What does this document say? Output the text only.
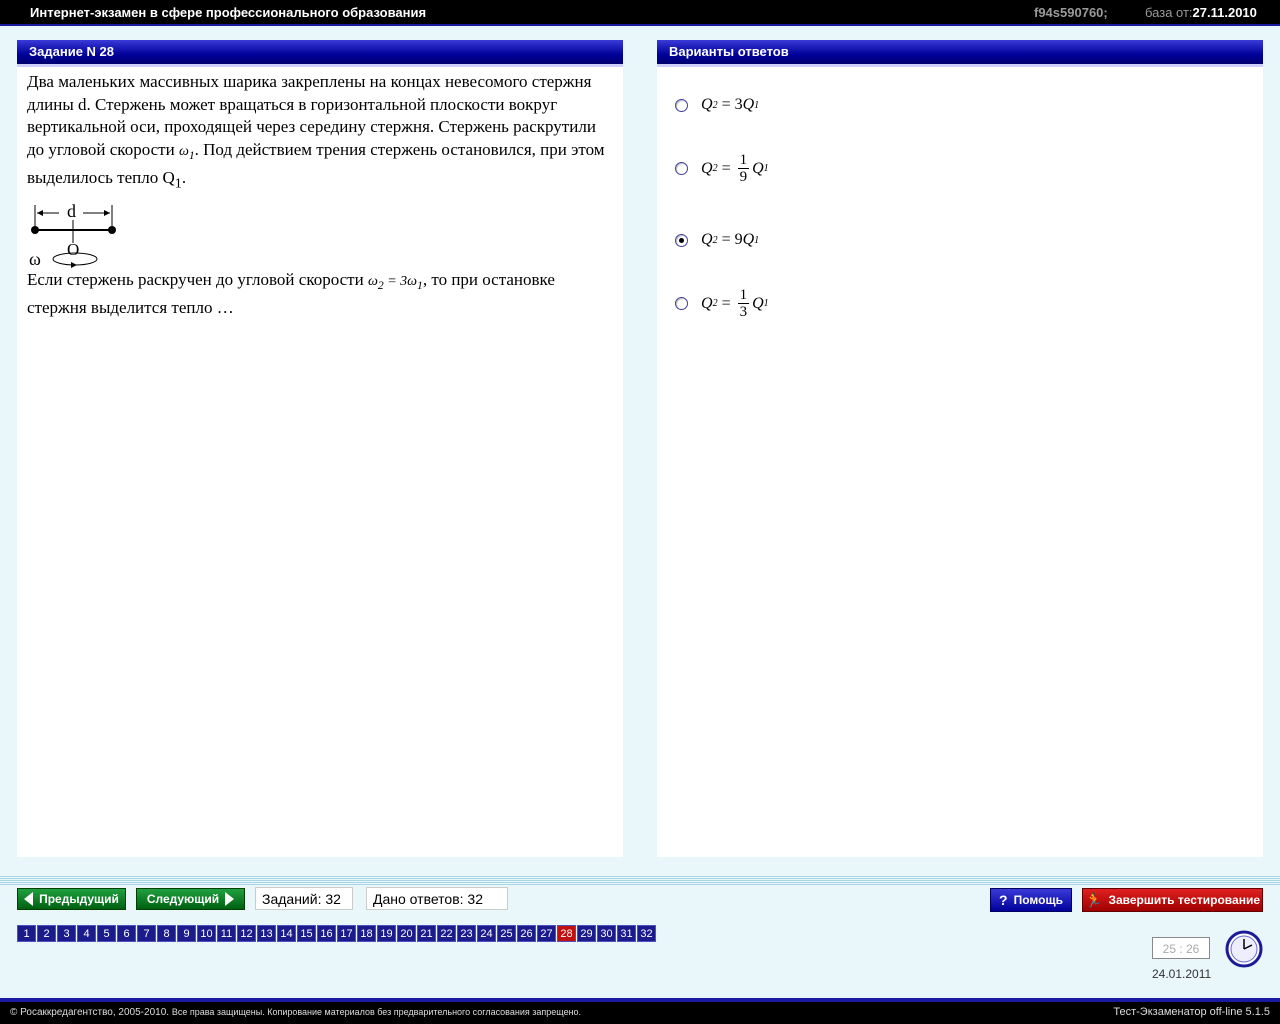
Интернет-экзамен в сфере профессионального образования	f94s590760;	база от:27.11.2010
Задание N 28
Два маленьких массивных шарика закреплены на концах невесомого стержня длины d. Стержень может вращаться в горизонтальной плоскости вокруг вертикальной оси, проходящей через середину стержня. Стержень раскрутили до угловой скорости $\omega_1$. Под действием трения стержень остановился, при этом выделилось тепло $Q_1$.
d
O
ω
Если стержень раскручен до угловой скорости $\omega_2 = 3\omega_1$, то при остановке стержня выделится тепло …
Варианты ответов
Q 2 = 3 Q 1
Q $2 = \frac{1}{9}$ Q 1
Q 2 = 9 Q 1
Q $2 = \frac{1}{3}$ Q 1
Предыдущий Следующий	Заданий: 32	Дано ответов: 32	? Помощь 🏃 Завершить тестирование
1	2	3	4	5	6	7	8	9 10 11 12 13 14 15 16 17 18 19 20 21 22 23 24 25 26 27 28 29 30 31 32
25 : 26
24.01.2011
© Росаккредагентство, 2005-2010. Все права защищены. Копирование материалов без предварительного согласования запрещено.	Тест-Экзаменатор off-line 5.1.5
